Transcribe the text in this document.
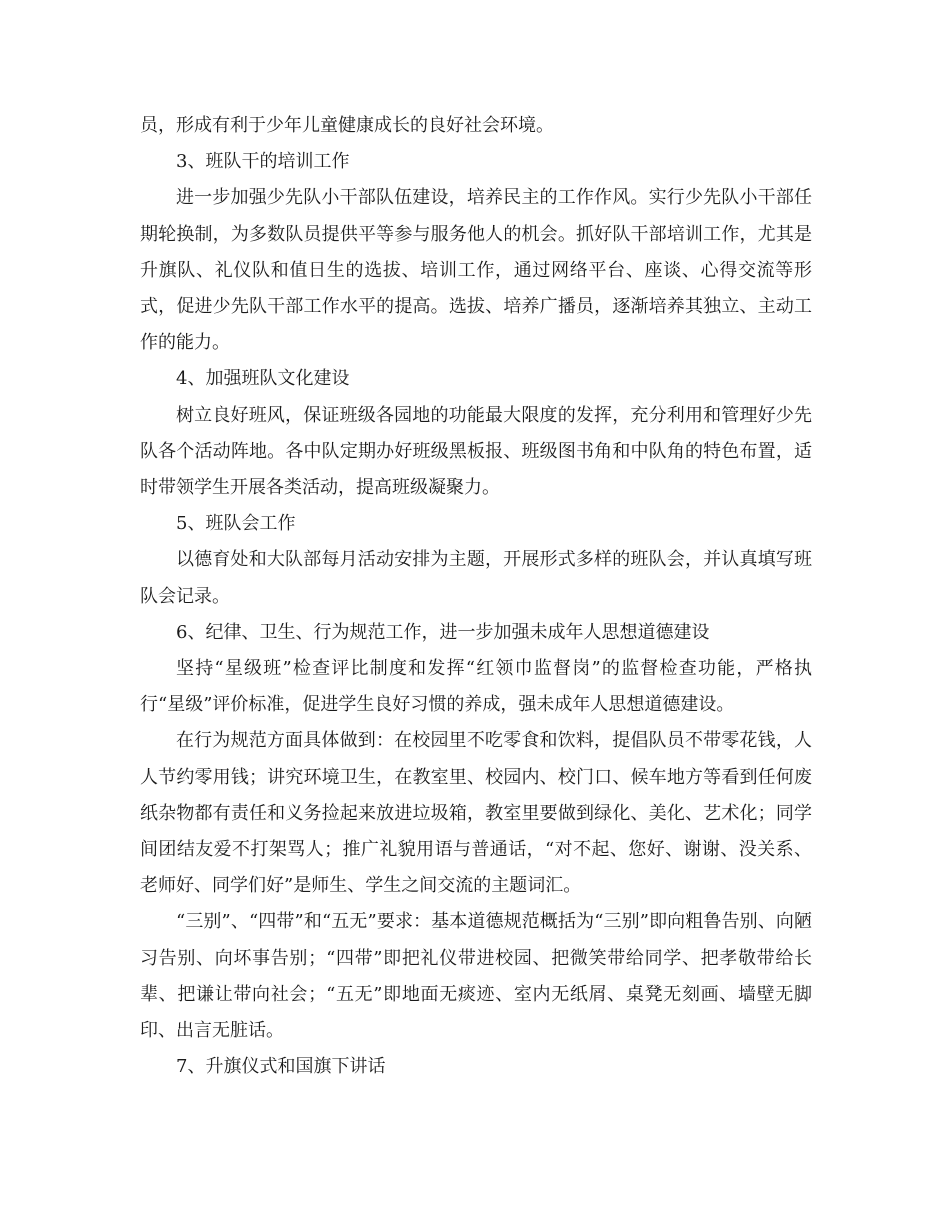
员，形成有利于少年儿童健康成长的良好社会环境。

3、班队干的培训工作

进一步加强少先队小干部队伍建设，培养民主的工作作风。实行少先队小干部任期轮换制，为多数队员提供平等参与服务他人的机会。抓好队干部培训工作，尤其是升旗队、礼仪队和值日生的选拔、培训工作，通过网络平台、座谈、心得交流等形式，促进少先队干部工作水平的提高。选拔、培养广播员，逐渐培养其独立、主动工作的能力。

4、加强班队文化建设

树立良好班风，保证班级各园地的功能最大限度的发挥，充分利用和管理好少先队各个活动阵地。各中队定期办好班级黑板报、班级图书角和中队角的特色布置，适时带领学生开展各类活动，提高班级凝聚力。

5、班队会工作

以德育处和大队部每月活动安排为主题，开展形式多样的班队会，并认真填写班队会记录。

6、纪律、卫生、行为规范工作，进一步加强未成年人思想道德建设

坚持“星级班”检查评比制度和发挥“红领巾监督岗”的监督检查功能，严格执行“星级”评价标准，促进学生良好习惯的养成，强未成年人思想道德建设。

在行为规范方面具体做到：在校园里不吃零食和饮料，提倡队员不带零花钱，人人节约零用钱；讲究环境卫生，在教室里、校园内、校门口、候车地方等看到任何废纸杂物都有责任和义务捡起来放进垃圾箱，教室里要做到绿化、美化、艺术化；同学间团结友爱不打架骂人；推广礼貌用语与普通话，“对不起、您好、谢谢、没关系、老师好、同学们好”是师生、学生之间交流的主题词汇。

“三别”、“四带”和“五无”要求：基本道德规范概括为“三别”即向粗鲁告别、向陋习告别、向坏事告别；“四带”即把礼仪带进校园、把微笑带给同学、把孝敬带给长辈、把谦让带向社会；“五无”即地面无痰迹、室内无纸屑、桌凳无刻画、墙壁无脚印、出言无脏话。

7、升旗仪式和国旗下讲话
